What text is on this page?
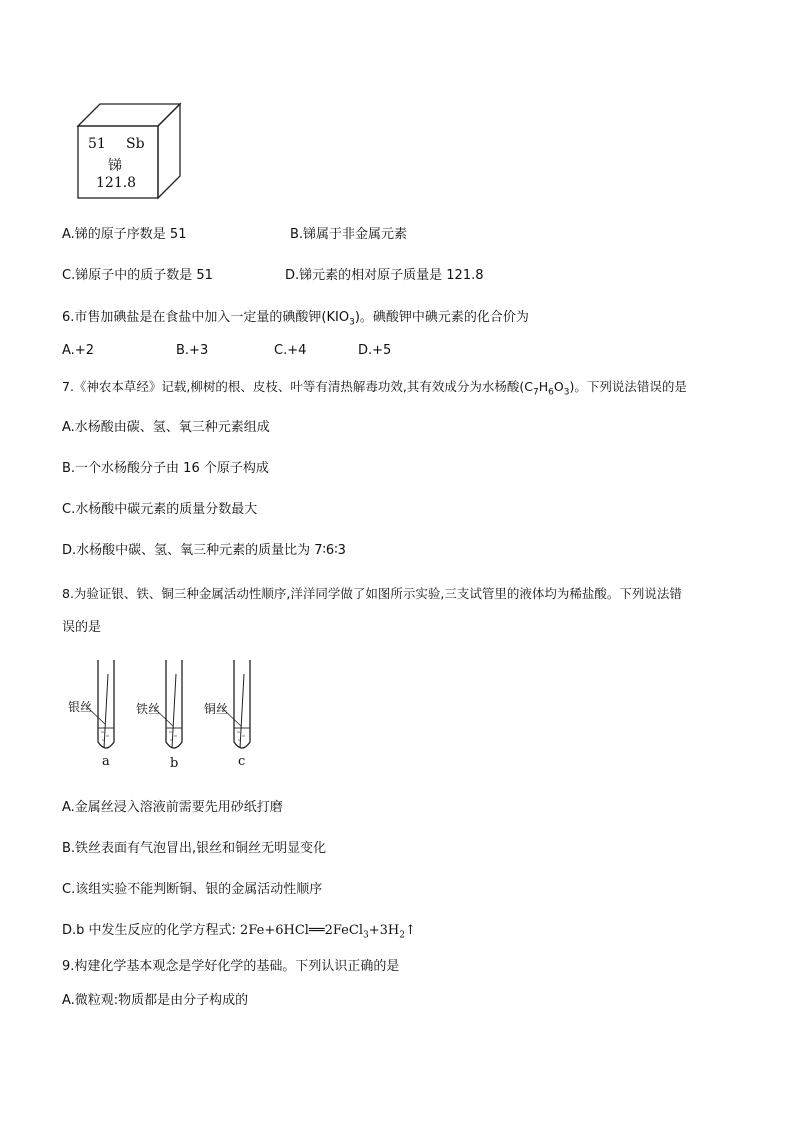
51 Sb
锑
121.8
A.锑的原子序数是 51	B.锑属于非金属元素
C.锑原子中的质子数是 51	D.锑元素的相对原子质量是 121.8
6.市售加碘盐是在食盐中加入一定量的碘酸钾$(KIO_3)$。碘酸钾中碘元素的化合价为
A.+2	B.+3	C.+4	D.+5
7.《神农本草经》记载,柳树的根、皮枝、叶等有清热解毒功效,其有效成分为水杨酸$(C_7H_6O_3)$。下列说法错误的是
A.水杨酸由碳、氢、氧三种元素组成
B.一个水杨酸分子由 16 个原子构成
C.水杨酸中碳元素的质量分数最大
D.水杨酸中碳、氢、氧三种元素的质量比为 7∶6∶3
8.为验证银、铁、铜三种金属活动性顺序,洋洋同学做了如图所示实验,三支试管里的液体均为稀盐酸。下列说法错
误的是
银丝	铁丝	铜丝
a	b	c
A.金属丝浸入溶液前需要先用砂纸打磨
B.铁丝表面有气泡冒出,银丝和铜丝无明显变化
C.该组实验不能判断铜、银的金属活动性顺序
D.b 中发生反应的化学方程式: $2Fe+6HCl══2FeCl_3+3H_2↑$
9.构建化学基本观念是学好化学的基础。下列认识正确的是
A.微粒观:物质都是由分子构成的
